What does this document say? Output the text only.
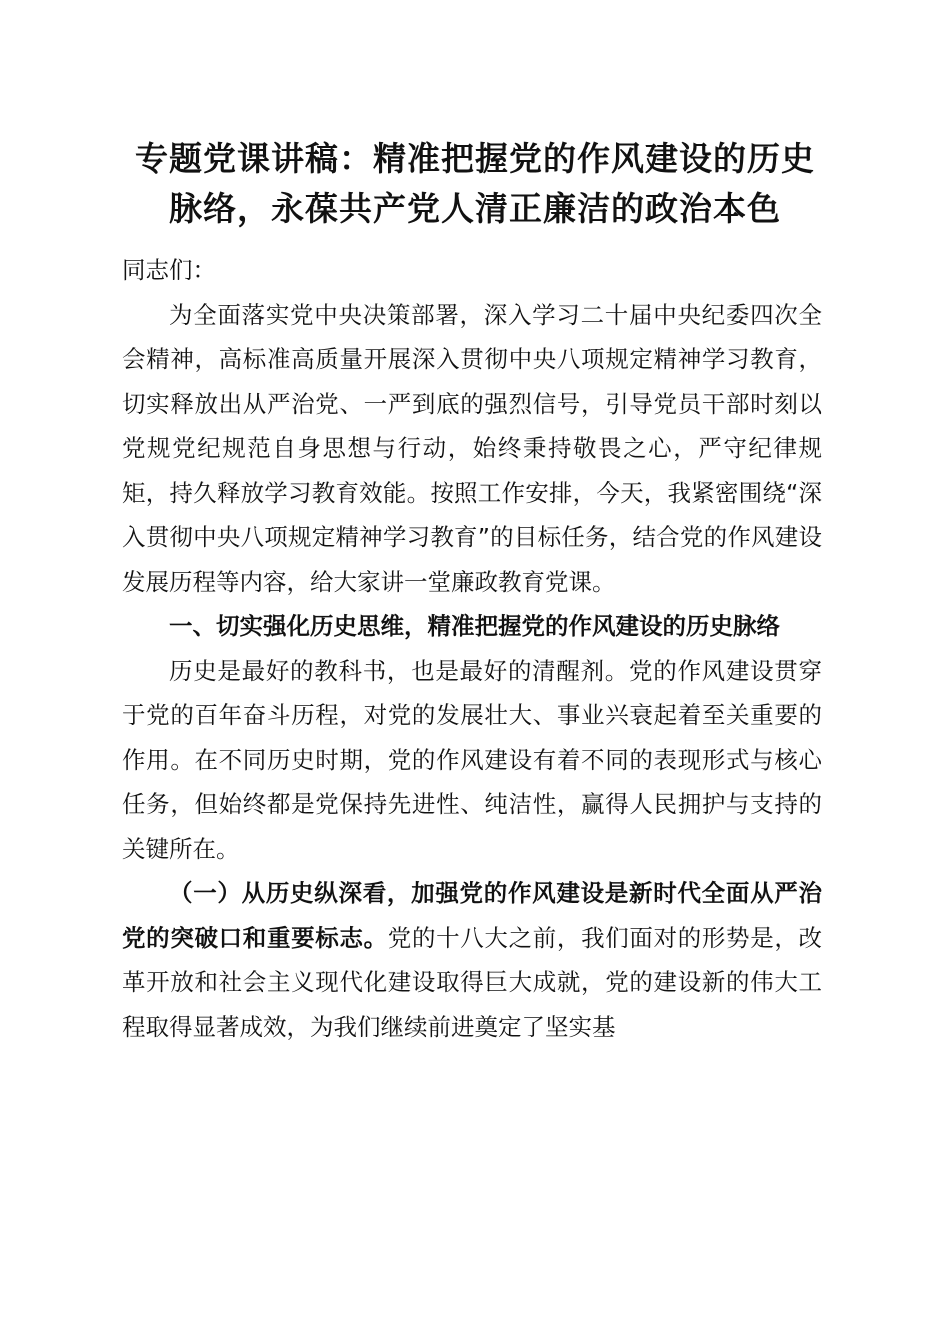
专题党课讲稿：精准把握党的作风建设的历史
脉络，永葆共产党人清正廉洁的政治本色

同志们：

为全面落实党中央决策部署，深入学习二十届中央纪委四次全会精神，高标准高质量开展深入贯彻中央八项规定精神学习教育，切实释放出从严治党、一严到底的强烈信号，引导党员干部时刻以党规党纪规范自身思想与行动，始终秉持敬畏之心，严守纪律规矩，持久释放学习教育效能。按照工作安排，今天，我紧密围绕“深入贯彻中央八项规定精神学习教育”的目标任务，结合党的作风建设发展历程等内容，给大家讲一堂廉政教育党课。

一、切实强化历史思维，精准把握党的作风建设的历史脉络

历史是最好的教科书，也是最好的清醒剂。党的作风建设贯穿于党的百年奋斗历程，对党的发展壮大、事业兴衰起着至关重要的作用。在不同历史时期，党的作风建设有着不同的表现形式与核心任务，但始终都是党保持先进性、纯洁性，赢得人民拥护与支持的关键所在。

（一）从历史纵深看，加强党的作风建设是新时代全面从严治党的突破口和重要标志。党的十八大之前，我们面对的形势是，改革开放和社会主义现代化建设取得巨大成就，党的建设新的伟大工程取得显著成效，为我们继续前进奠定了坚实基
